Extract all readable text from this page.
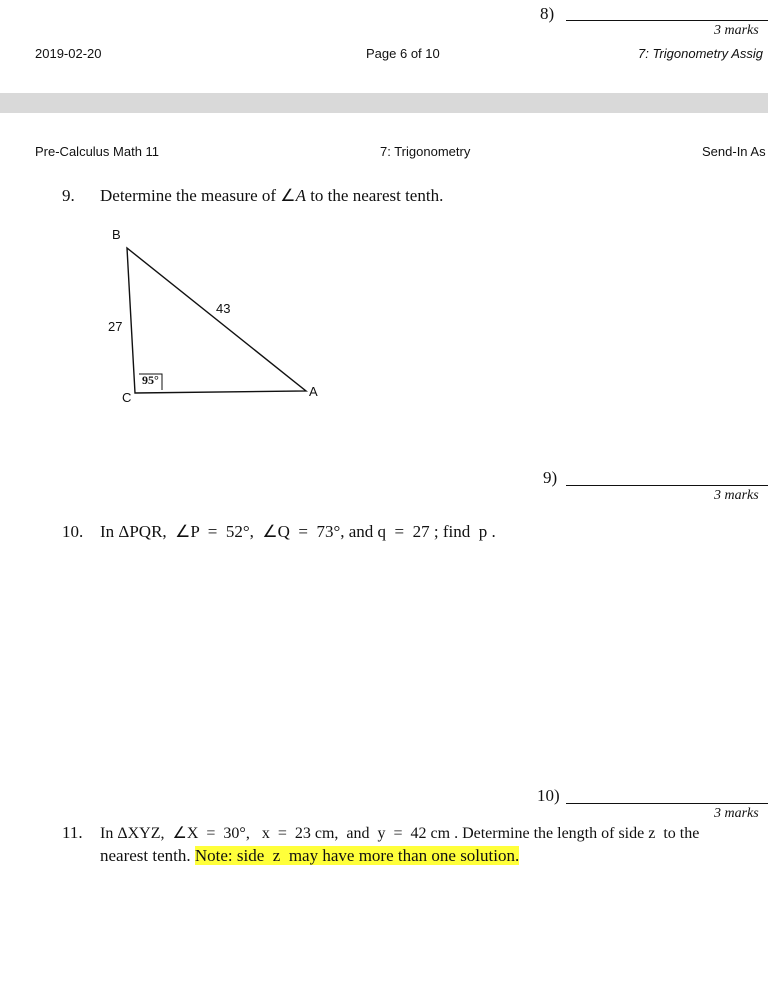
8)
3 marks
2019-02-20	Page 6 of 10	7: Trigonometry Assig
Pre-Calculus Math 11	7: Trigonometry	Send-In As
9. Determine the measure of ∠A to the nearest tenth.
B
C	A
27
43
95°
9)
3 marks
10. In ΔPQR,  ∠P  =  52°,  ∠Q  =  73°, and q  =  27 ; find  p .
10)
3 marks
11. In ΔXYZ,  ∠X  =  30°,   x  =  23 cm,  and  y  =  42 cm . Determine the length of side z  to the
nearest tenth. Note: side  z  may have more than one solution.
